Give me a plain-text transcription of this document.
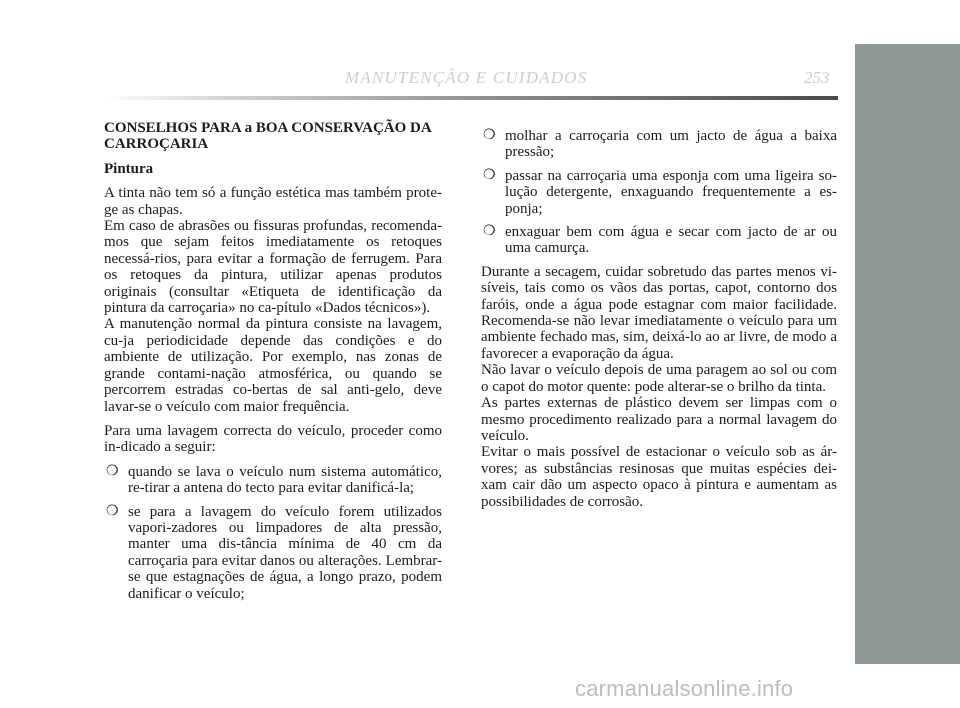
MANUTENÇÃO E CUIDADOS	253
CONSELHOS PARA a BOA CONSERVAÇÃO DA
CARROÇARIA
Pintura

A tinta não tem só a função estética mas também prote-ge as chapas.

Em caso de abrasões ou fissuras profundas, recomenda-mos que sejam feitos imediatamente os retoques necessá-rios, para evitar a formação de ferrugem. Para os retoques da pintura, utilizar apenas produtos originais (consultar «Etiqueta de identificação da pintura da carroçaria» no ca-pítulo «Dados técnicos»).

A manutenção normal da pintura consiste na lavagem, cu-ja periodicidade depende das condições e do ambiente de utilização. Por exemplo, nas zonas de grande contami-nação atmosférica, ou quando se percorrem estradas co-bertas de sal anti-gelo, deve lavar-se o veículo com maior frequência.

Para uma lavagem correcta do veículo, proceder como in-dicado a seguir:

❍ quando se lava o veículo num sistema automático, re-tirar a antena do tecto para evitar danificá-la;
❍ se para a lavagem do veículo forem utilizados vapori-zadores ou limpadores de alta pressão, manter uma dis-tância mínima de 40 cm da carroçaria para evitar danos ou alterações. Lembrar-se que estagnações de água, a longo prazo, podem danificar o veículo;
❍ molhar a carroçaria com um jacto de água a baixa pressão;
❍ passar na carroçaria uma esponja com uma ligeira so-lução detergente, enxaguando frequentemente a es-ponja;
❍ enxaguar bem com água e secar com jacto de ar ou uma camurça.

Durante a secagem, cuidar sobretudo das partes menos vi-síveis, tais como os vãos das portas, capot, contorno dos faróis, onde a água pode estagnar com maior facilidade. Recomenda-se não levar imediatamente o veículo para um ambiente fechado mas, sim, deixá-lo ao ar livre, de modo a favorecer a evaporação da água.

Não lavar o veículo depois de uma paragem ao sol ou com o capot do motor quente: pode alterar-se o brilho da tinta.

As partes externas de plástico devem ser limpas com o mesmo procedimento realizado para a normal lavagem do veículo.

Evitar o mais possível de estacionar o veículo sob as ár-vores; as substâncias resinosas que muitas espécies dei-xam cair dão um aspecto opaco à pintura e aumentam as possibilidades de corrosão.

carmanualsonline.info
